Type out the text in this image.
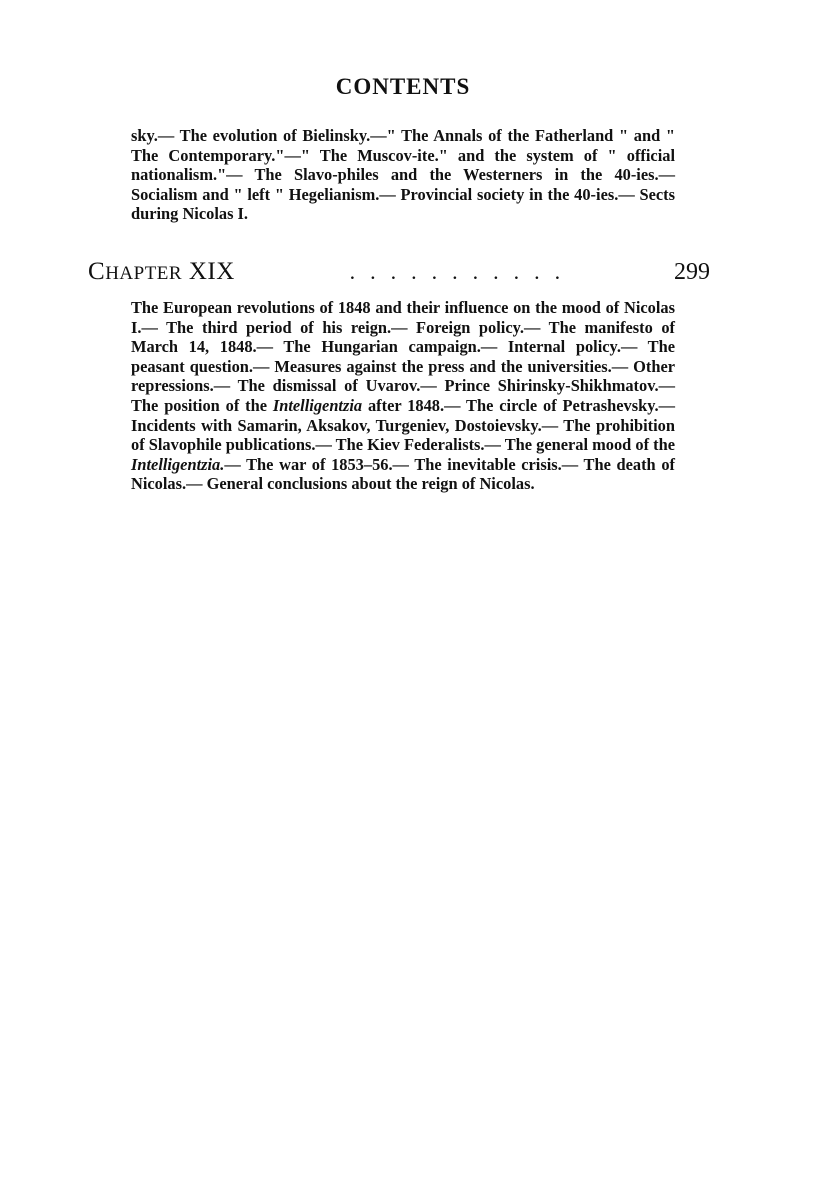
CONTENTS
sky.— The evolution of Bielinsky.—" The Annals of the Fatherland " and " The Contemporary."—" The Muscov-ite." and the system of " official nationalism."— The Slavo-philes and the Westerners in the 40-ies.— Socialism and " left " Hegelianism.— Provincial society in the 40-ies.— Sects during Nicolas I.
CHAPTER XIX	...........	299
The European revolutions of 1848 and their influence on the mood of Nicolas I.— The third period of his reign.— Foreign policy.— The manifesto of March 14, 1848.— The Hungarian campaign.— Internal policy.— The peasant question.— Measures against the press and the universities.— Other repressions.— The dismissal of Uvarov.— Prince Shirinsky-Shikhmatov.— The position of the Intelligentzia after 1848.— The circle of Petrashevsky.— Incidents with Samarin, Aksakov, Turgeniev, Dostoievsky.— The prohibition of Slavophile publications.— The Kiev Federalists.— The general mood of the Intelligentzia.— The war of 1853–56.— The inevitable crisis.— The death of Nicolas.— General conclusions about the reign of Nicolas.
